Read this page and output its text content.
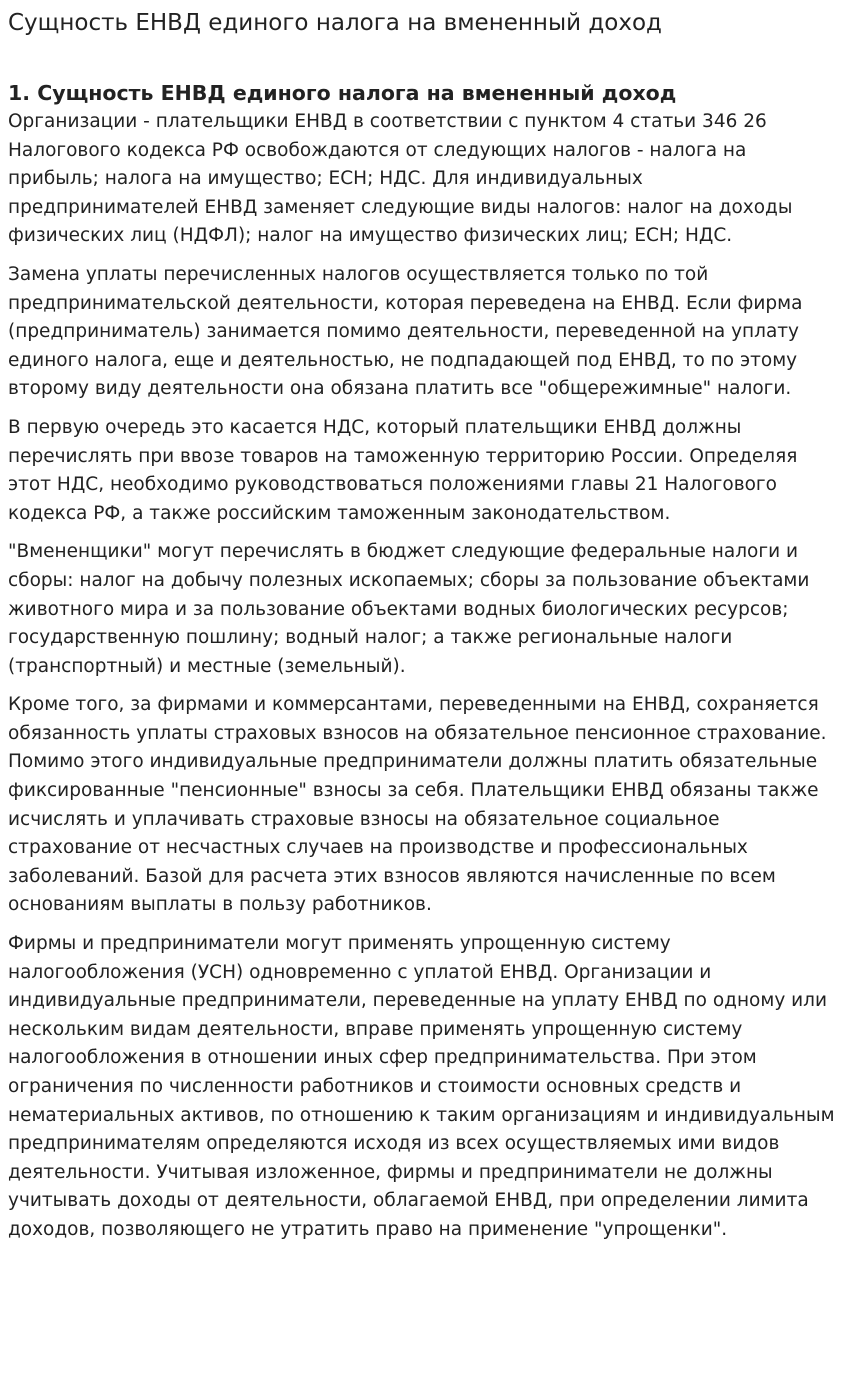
Сущность ЕНВД единого налога на вмененный доход
1. Сущность ЕНВД единого налога на вмененный доход

Организации - плательщики ЕНВД в соответствии с пунктом 4 статьи 346 26 Налогового кодекса РФ освобождаются от следующих налогов - налога на прибыль; налога на имущество; ЕСН; НДС. Для индивидуальных предпринимателей ЕНВД заменяет следующие виды налогов: налог на доходы физических лиц (НДФЛ); налог на имущество физических лиц; ЕСН; НДС.

Замена уплаты перечисленных налогов осуществляется только по той предпринимательской деятельности, которая переведена на ЕНВД. Если фирма (предприниматель) занимается помимо деятельности, переведенной на уплату единого налога, еще и деятельностью, не подпадающей под ЕНВД, то по этому второму виду деятельности она обязана платить все "общережимные" налоги.

В первую очередь это касается НДС, который плательщики ЕНВД должны перечислять при ввозе товаров на таможенную территорию России. Определяя этот НДС, необходимо руководствоваться положениями главы 21 Налогового кодекса РФ, а также российским таможенным законодательством.

"Вмененщики" могут перечислять в бюджет следующие федеральные налоги и сборы: налог на добычу полезных ископаемых; сборы за пользование объектами животного мира и за пользование объектами водных биологических ресурсов; государственную пошлину; водный налог; а также региональные налоги (транспортный) и местные (земельный).

Кроме того, за фирмами и коммерсантами, переведенными на ЕНВД, сохраняется обязанность уплаты страховых взносов на обязательное пенсионное страхование. Помимо этого индивидуальные предприниматели должны платить обязательные фиксированные "пенсионные" взносы за себя. Плательщики ЕНВД обязаны также исчислять и уплачивать страховые взносы на обязательное социальное страхование от несчастных случаев на производстве и профессиональных заболеваний. Базой для расчета этих взносов являются начисленные по всем основаниям выплаты в пользу работников.

Фирмы и предприниматели могут применять упрощенную систему налогообложения (УСН) одновременно с уплатой ЕНВД. Организации и индивидуальные предприниматели, переведенные на уплату ЕНВД по одному или нескольким видам деятельности, вправе применять упрощенную систему налогообложения в отношении иных сфер предпринимательства. При этом ограничения по численности работников и стоимости основных средств и нематериальных активов, по отношению к таким организациям и индивидуальным предпринимателям определяются исходя из всех осуществляемых ими видов деятельности. Учитывая изложенное, фирмы и предприниматели не должны учитывать доходы от деятельности, облагаемой ЕНВД, при определении лимита доходов, позволяющего не утратить право на применение "упрощенки".
